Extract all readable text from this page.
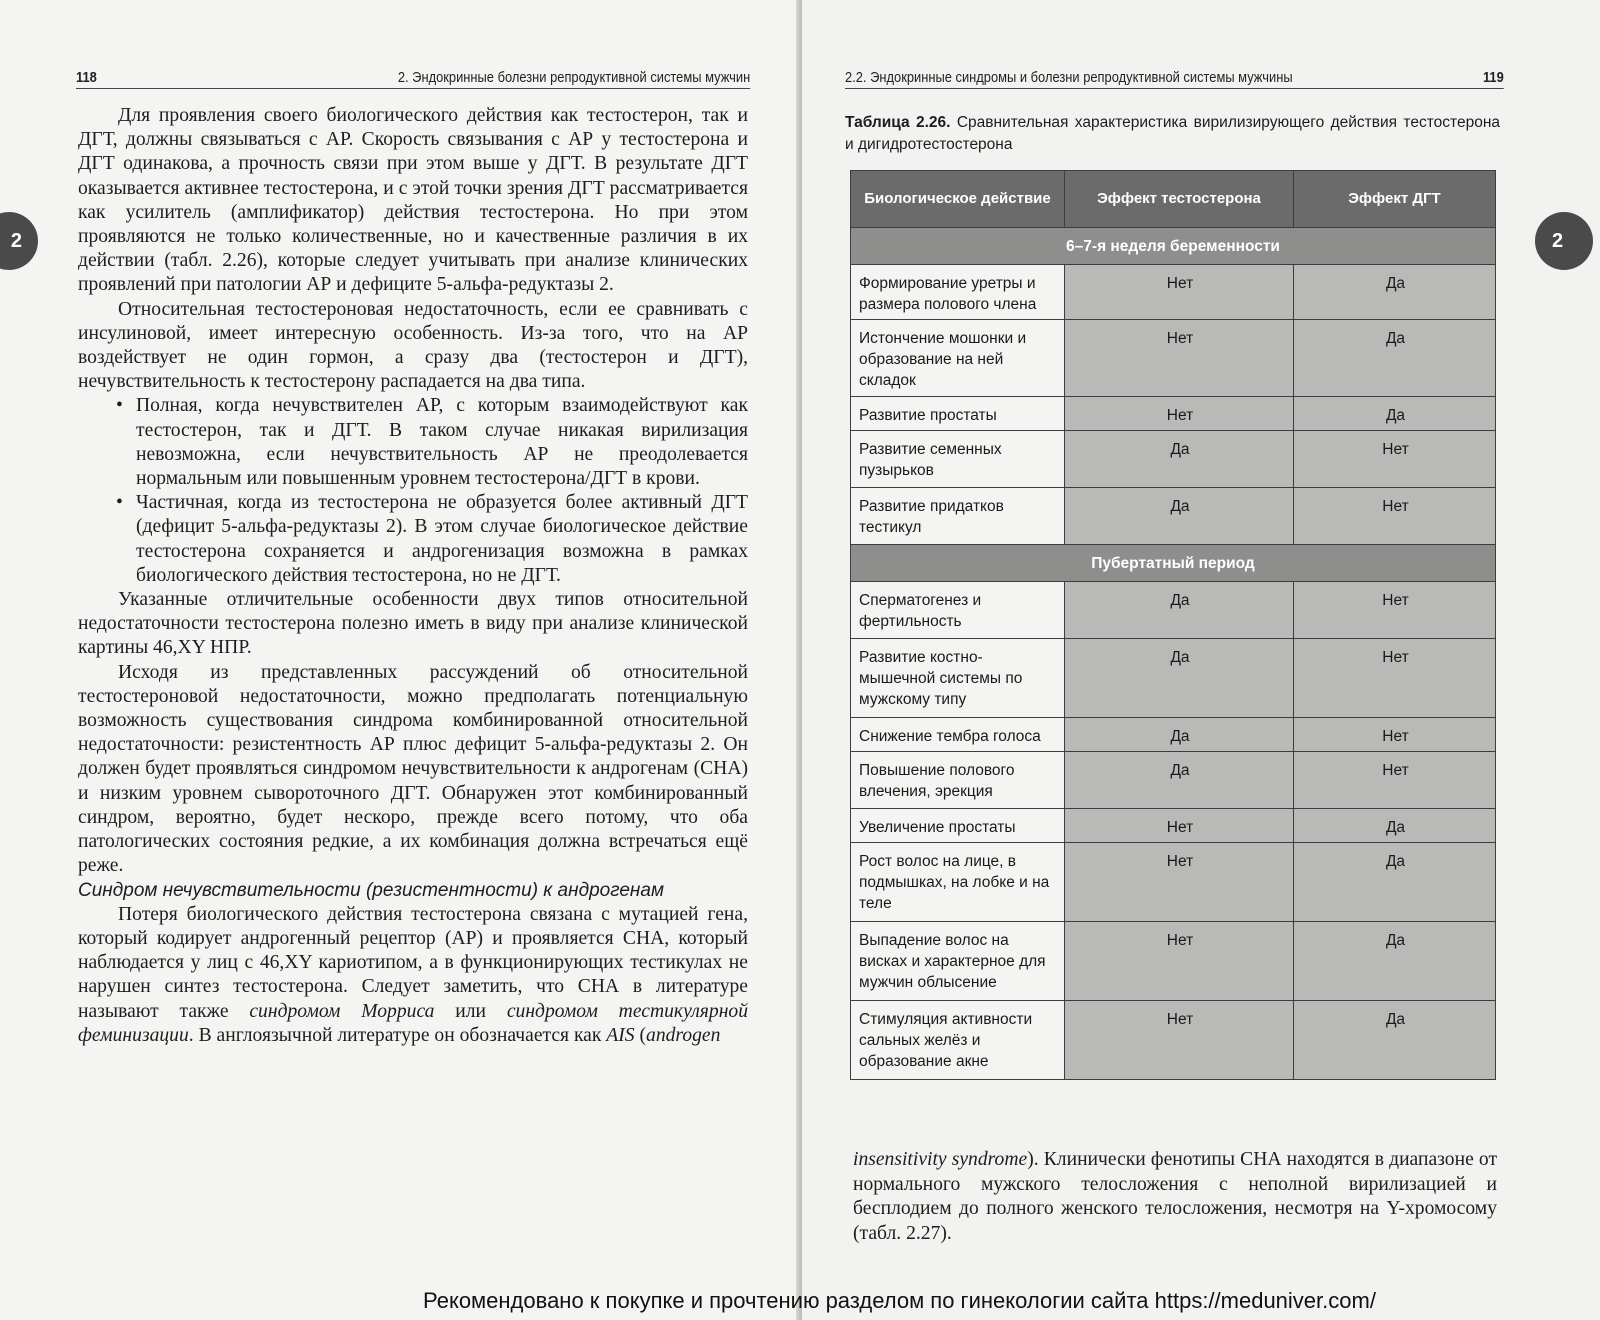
118	2. Эндокринные болезни репродуктивной системы мужчин
2

Для проявления своего биологического действия как тестостерон, так и ДГТ, должны связываться с АР. Скорость связывания с АР у тестостерона и ДГТ одинакова, а прочность связи при этом выше у ДГТ. В результате ДГТ оказывается активнее тестостерона, и с этой точки зрения ДГТ рассматривается как усилитель (амплификатор) действия тестостерона. Но при этом проявляются не только количественные, но и качественные различия в их действии (табл. 2.26), которые следует учитывать при анализе клинических проявлений при патологии АР и дефиците 5-альфа-редуктазы 2.

Относительная тестостероновая недостаточность, если ее сравнивать с инсулиновой, имеет интересную особенность. Из-за того, что на АР воздействует не один гормон, а сразу два (тестостерон и ДГТ), нечувствительность к тестостерону распадается на два типа.

• Полная, когда нечувствителен АР, с которым взаимодействуют как тестостерон, так и ДГТ. В таком случае никакая вирилизация невозможна, если нечувствительность АР не преодолевается нормальным или повышенным уровнем тестостерона/ДГТ в крови.
• Частичная, когда из тестостерона не образуется более активный ДГТ (дефицит 5-альфа-редуктазы 2). В этом случае биологическое действие тестостерона сохраняется и андрогенизация возможна в рамках биологического действия тестостерона, но не ДГТ.

Указанные отличительные особенности двух типов относительной недостаточности тестостерона полезно иметь в виду при анализе клинической картины 46,XY НПР.

Исходя из представленных рассуждений об относительной тестостероновой недостаточности, можно предполагать потенциальную возможность существования синдрома комбинированной относительной недостаточности: резистентность АР плюс дефицит 5-альфа-редуктазы 2. Он должен будет проявляться синдромом нечувствительности к андрогенам (СНА) и низким уровнем сывороточного ДГТ. Обнаружен этот комбинированный синдром, вероятно, будет нескоро, прежде всего потому, что оба патологических состояния редкие, а их комбинация должна встречаться ещё реже.

Синдром нечувствительности (резистентности) к андрогенам

Потеря биологического действия тестостерона связана с мутацией гена, который кодирует андрогенный рецептор (АР) и проявляется СНА, который наблюдается у лиц с 46,XY кариотипом, а в функционирующих тестикулах не нарушен синтез тестостерона. Следует заметить, что СНА в литературе называют также синдромом Морриса или синдромом тестикулярной феминизации. В англоязычной литературе он обозначается как AIS (androgen

2.2. Эндокринные синдромы и болезни репродуктивной системы мужчины	119
2
Таблица 2.26. Сравнительная характеристика вирилизирующего действия тестостерона и дигидротестостерона
Биологическое действие	Эффект тестостерона	Эффект ДГТ
6–7-я неделя беременности		
Формирование уретры и размера полового члена	Нет	Да
Истончение мошонки и образование на ней складок	Нет	Да
Развитие простаты	Нет	Да
Развитие семенных пузырьков	Да	Нет
Развитие придатков тестикул	Да	Нет
Пубертатный период		
Сперматогенез и фертильность	Да	Нет
Развитие костно-мышечной системы по мужскому типу	Да	Нет
Снижение тембра голоса	Да	Нет
Повышение полового влечения, эрекция	Да	Нет
Увеличение простаты	Нет	Да
Рост волос на лице, в подмышках, на лобке и на теле	Нет	Да
Выпадение волос на висках и характерное для мужчин облысение	Нет	Да
Стимуляция активности сальных желёз и образование акне	Нет	Да

insensitivity syndrome). Клинически фенотипы СНА находятся в диапазоне от нормального мужского телосложения с неполной вирилизацией и бесплодием до полного женского телосложения, несмотря на Y-хромосому (табл. 2.27).

Рекомендовано к покупке и прочтению разделом по гинекологии сайта https://meduniver.com/
